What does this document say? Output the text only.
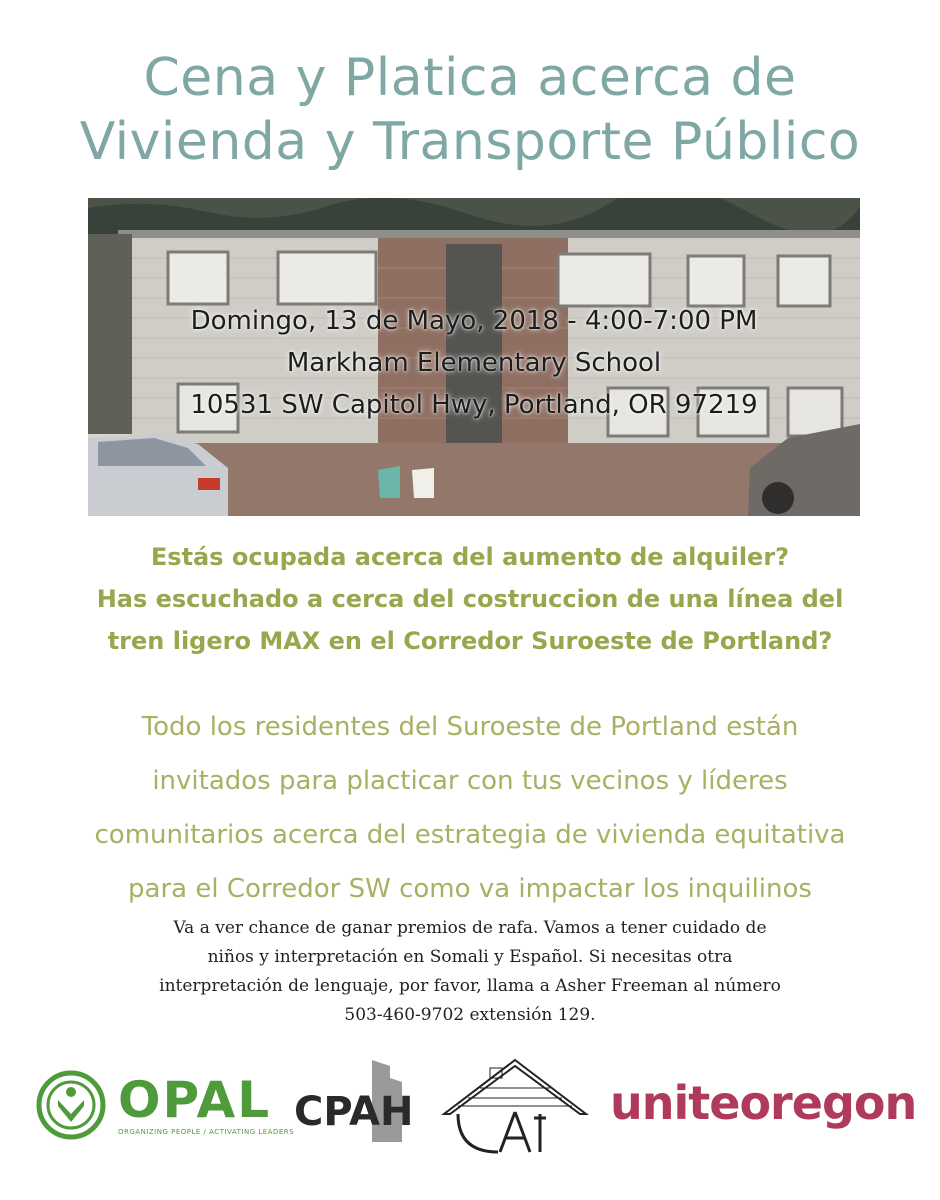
Cena y Platica acerca de
Vivienda y Transporte Público
Domingo, 13 de Mayo, 2018 - 4:00-7:00 PM
Markham Elementary School
10531 SW Capitol Hwy, Portland, OR 97219
Estás ocupada acerca del aumento de alquiler?
Has escuchado a cerca del costruccion de una línea del
tren ligero MAX en el Corredor Suroeste de Portland?
Todo los residentes del Suroeste de Portland están
invitados para placticar con tus vecinos y líderes
comunitarios acerca del estrategia de vivienda equitativa
para el Corredor SW como va impactar los inquilinos
Va a ver chance de ganar premios de rafa. Vamos a tener cuidado de
niños y interpretación en Somali y Español. Si necesitas otra
interpretación de lenguaje, por favor, llama a Asher Freeman al número
503-460-9702 extensión 129.
OPAL
ORGANIZING PEOPLE / ACTIVATING LEADERS CPAH	uniteoregon
